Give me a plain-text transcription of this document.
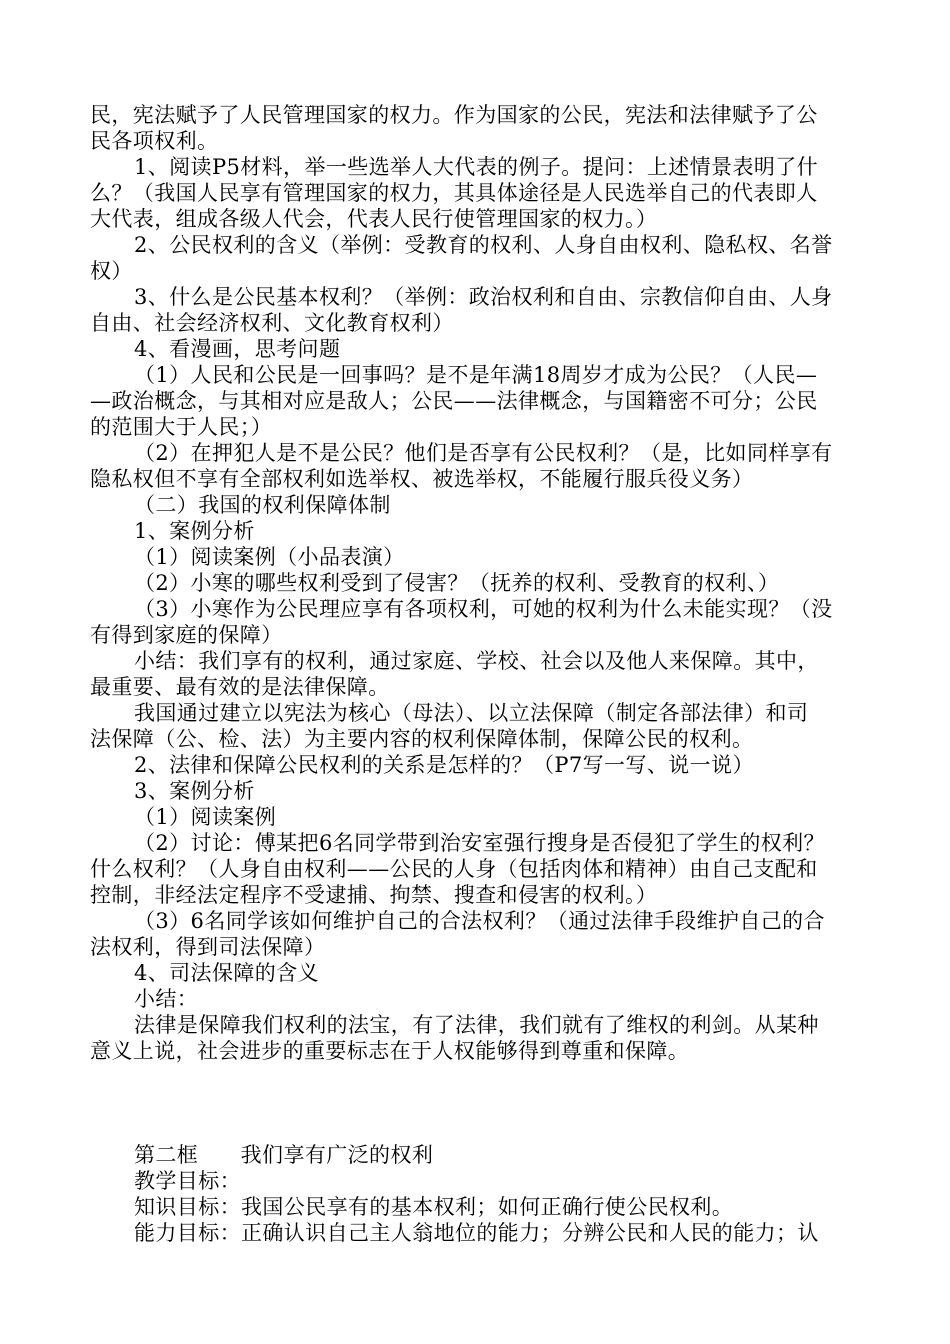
民，宪法赋予了人民管理国家的权力。作为国家的公民，宪法和法律赋予了公
民各项权利。
1、阅读P5材料，举一些选举人大代表的例子。提问：上述情景表明了什
么？（我国人民享有管理国家的权力，其具体途径是人民选举自己的代表即人
大代表，组成各级人代会，代表人民行使管理国家的权力。）
2、公民权利的含义（举例：受教育的权利、人身自由权利、隐私权、名誉
权）
3、什么是公民基本权利？（举例：政治权利和自由、宗教信仰自由、人身
自由、社会经济权利、文化教育权利）
4、看漫画，思考问题
（1）人民和公民是一回事吗？是不是年满18周岁才成为公民？（人民—
—政治概念，与其相对应是敌人；公民——法律概念，与国籍密不可分；公民
的范围大于人民；）
（2）在押犯人是不是公民？他们是否享有公民权利？（是，比如同样享有
隐私权但不享有全部权利如选举权、被选举权，不能履行服兵役义务）
（二）我国的权利保障体制
1、案例分析
（1）阅读案例（小品表演）
（2）小寒的哪些权利受到了侵害？（抚养的权利、受教育的权利、）
（3）小寒作为公民理应享有各项权利，可她的权利为什么未能实现？（没
有得到家庭的保障）
小结：我们享有的权利，通过家庭、学校、社会以及他人来保障。其中，
最重要、最有效的是法律保障。
我国通过建立以宪法为核心（母法）、以立法保障（制定各部法律）和司
法保障（公、检、法）为主要内容的权利保障体制，保障公民的权利。
2、法律和保障公民权利的关系是怎样的？（P7写一写、说一说）
3、案例分析
（1）阅读案例
（2）讨论：傅某把6名同学带到治安室强行搜身是否侵犯了学生的权利？
什么权利？（人身自由权利——公民的人身（包括肉体和精神）由自己支配和
控制，非经法定程序不受逮捕、拘禁、搜查和侵害的权利。）
（3）6名同学该如何维护自己的合法权利？（通过法律手段维护自己的合
法权利，得到司法保障）
4、司法保障的含义
小结：
法律是保障我们权利的法宝，有了法律，我们就有了维权的利剑。从某种
意义上说，社会进步的重要标志在于人权能够得到尊重和保障。
第二框      我们享有广泛的权利
教学目标：
知识目标：我国公民享有的基本权利；如何正确行使公民权利。
能力目标：正确认识自己主人翁地位的能力；分辨公民和人民的能力；认
